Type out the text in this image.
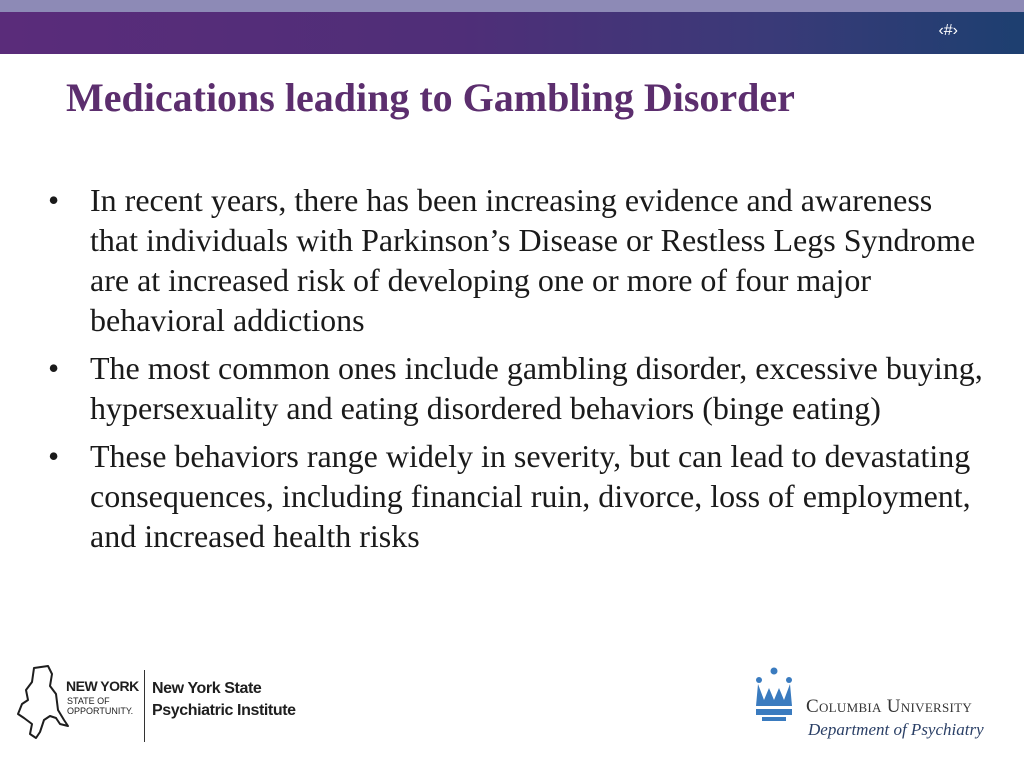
‹#›
Medications leading to Gambling Disorder
• In recent years, there has been increasing evidence and awareness that individuals with Parkinson’s Disease or Restless Legs Syndrome are at increased risk of developing one or more of four major behavioral addictions
• The most common ones include gambling disorder, excessive buying, hypersexuality and eating disordered behaviors (binge eating)
• These behaviors range widely in severity, but can lead to devastating consequences, including financial ruin, divorce, loss of employment, and increased health risks
NEW YORK
STATE OF
OPPORTUNITY.
New York State
Psychiatric Institute	Columbia University
Department of Psychiatry
